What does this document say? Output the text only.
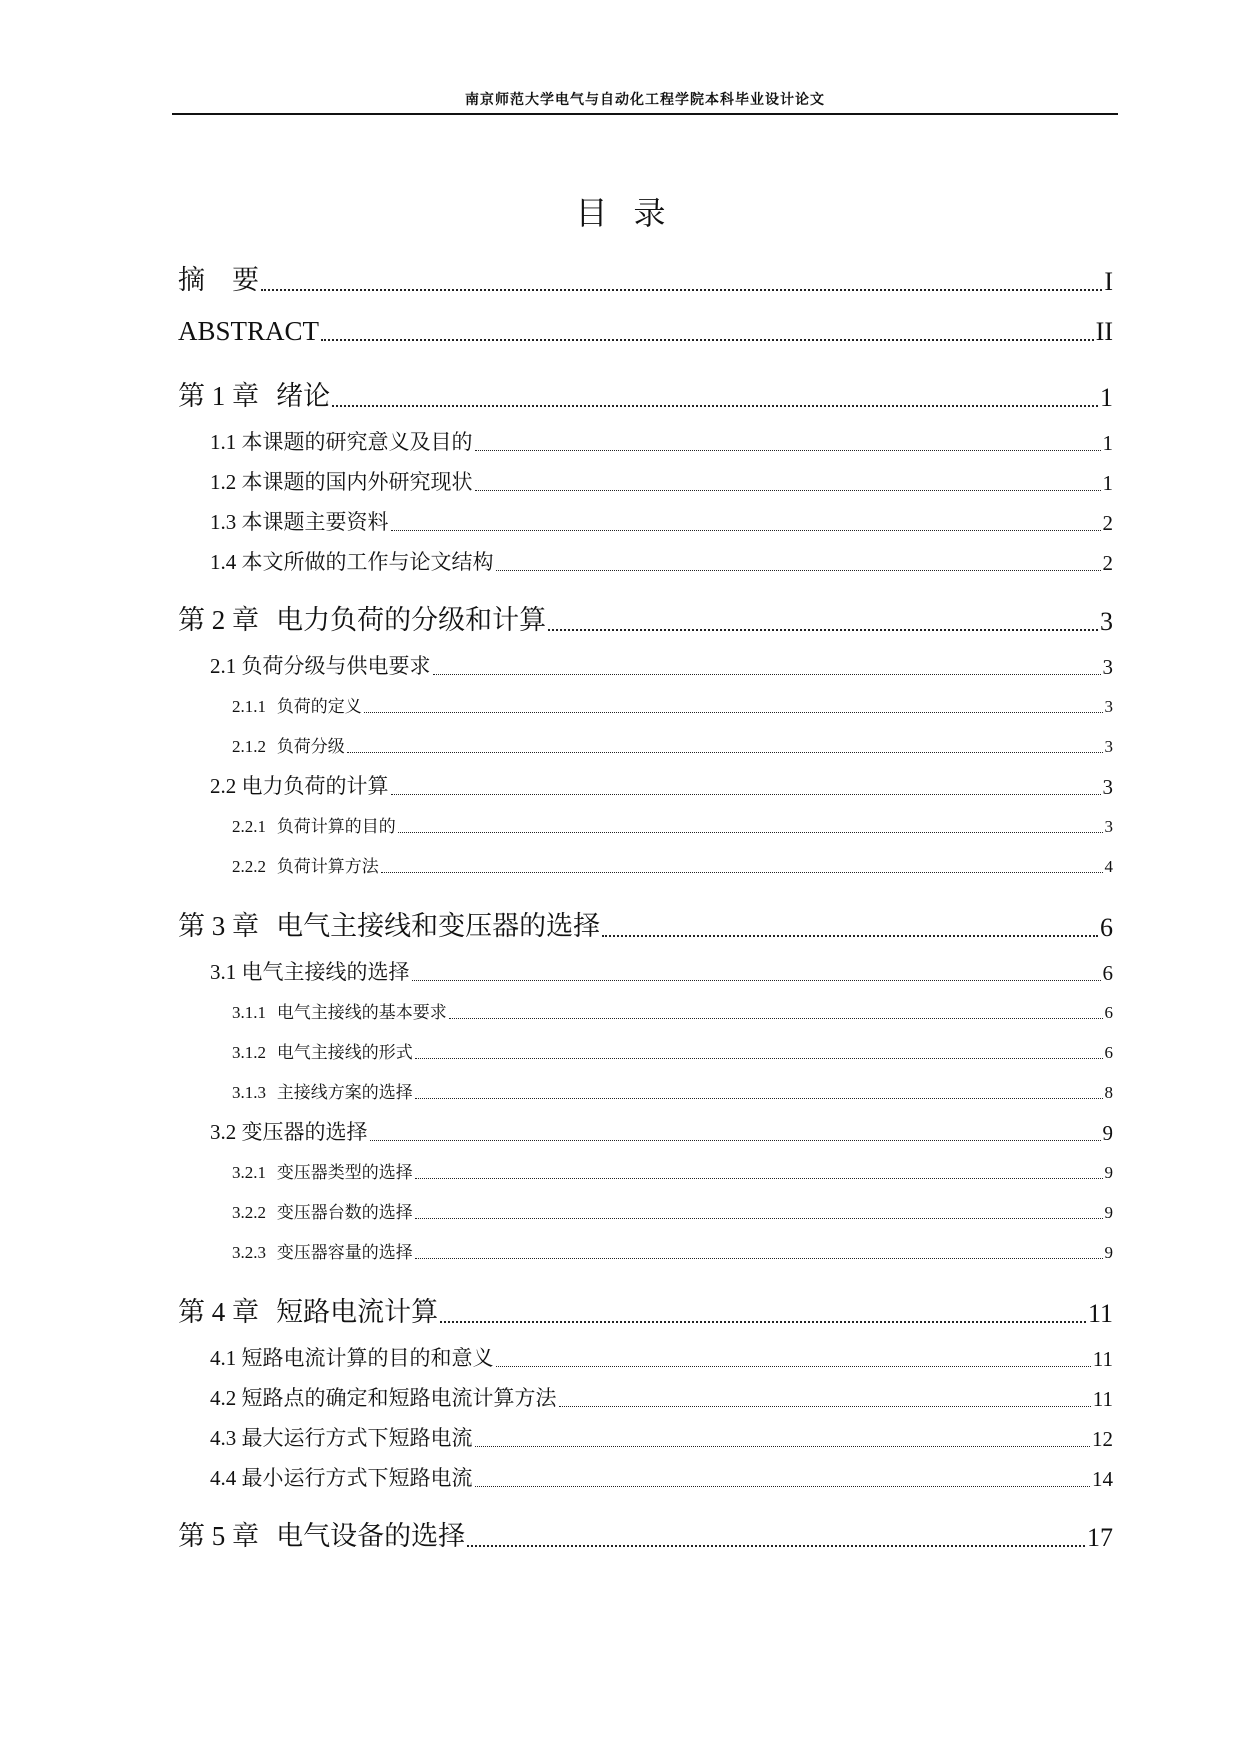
南京师范大学电气与自动化工程学院本科毕业设计论文
目录
摘　要	I
ABSTRACT	II
第 1 章 绪论	1
1.1 本课题的研究意义及目的	1
1.2 本课题的国内外研究现状	1
1.3 本课题主要资料	2
1.4 本文所做的工作与论文结构	2
第 2 章 电力负荷的分级和计算	3
2.1 负荷分级与供电要求	3
2.1.1 负荷的定义	3
2.1.2 负荷分级	3
2.2 电力负荷的计算	3
2.2.1 负荷计算的目的	3
2.2.2 负荷计算方法	4
第 3 章 电气主接线和变压器的选择	6
3.1 电气主接线的选择	6
3.1.1 电气主接线的基本要求	6
3.1.2 电气主接线的形式	6
3.1.3 主接线方案的选择	8
3.2 变压器的选择	9
3.2.1 变压器类型的选择	9
3.2.2 变压器台数的选择	9
3.2.3 变压器容量的选择	9
第 4 章 短路电流计算	11
4.1 短路电流计算的目的和意义	11
4.2 短路点的确定和短路电流计算方法	11
4.3 最大运行方式下短路电流	12
4.4 最小运行方式下短路电流	14
第 5 章 电气设备的选择	17
